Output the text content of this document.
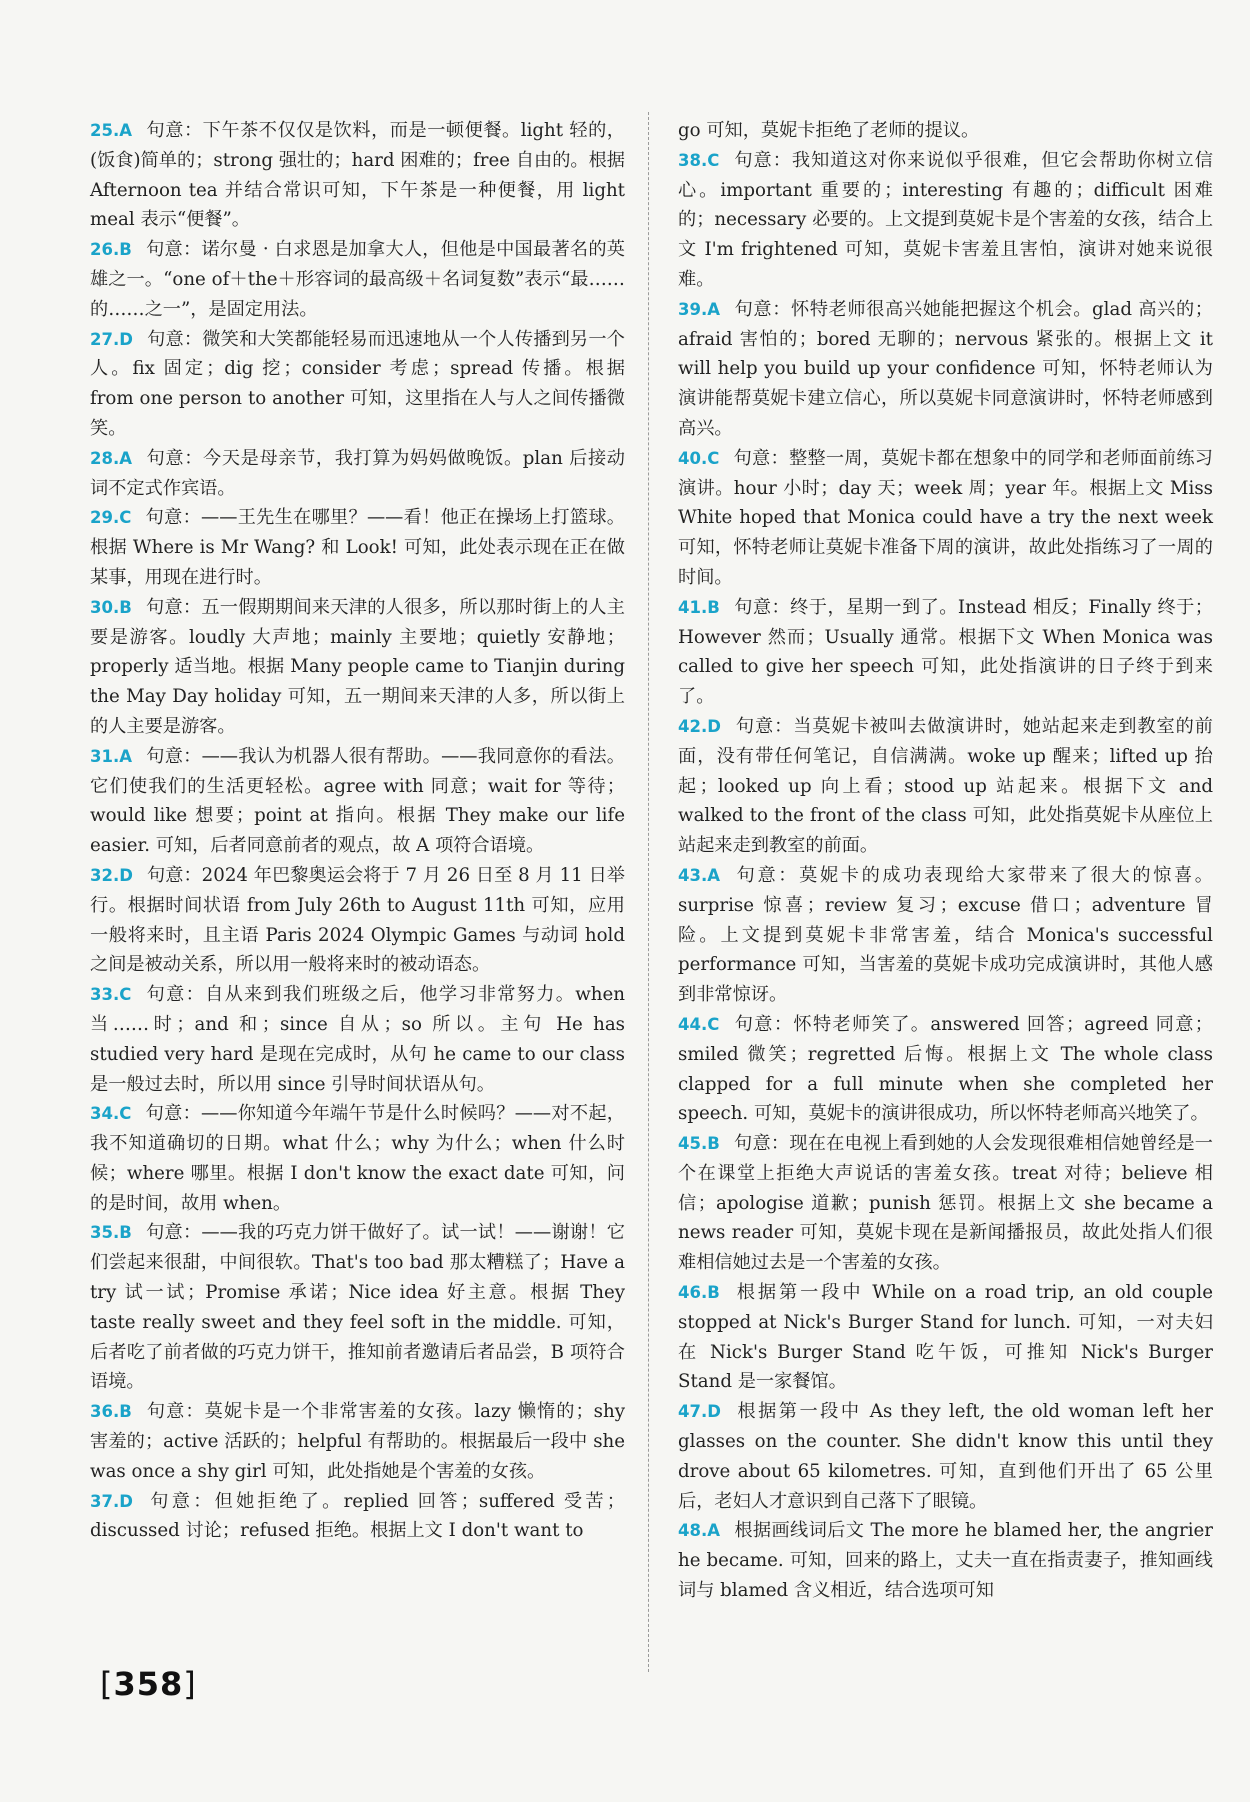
25.A 句意：下午茶不仅仅是饮料，而是一顿便餐。light 轻的，(饭食)简单的；strong 强壮的；hard 困难的；free 自由的。根据 Afternoon tea 并结合常识可知，下午茶是一种便餐，用 light meal 表示“便餐”。

26.B 句意：诺尔曼 · 白求恩是加拿大人，但他是中国最著名的英雄之一。“one of＋the＋形容词的最高级＋名词复数”表示“最……的……之一”，是固定用法。

27.D 句意：微笑和大笑都能轻易而迅速地从一个人传播到另一个人。fix 固定；dig 挖；consider 考虑；spread 传播。根据 from one person to another 可知，这里指在人与人之间传播微笑。

28.A 句意：今天是母亲节，我打算为妈妈做晚饭。plan 后接动词不定式作宾语。

29.C 句意：——王先生在哪里？——看！他正在操场上打篮球。根据 Where is Mr Wang? 和 Look! 可知，此处表示现在正在做某事，用现在进行时。

30.B 句意：五一假期期间来天津的人很多，所以那时街上的人主要是游客。loudly 大声地；mainly 主要地；quietly 安静地；properly 适当地。根据 Many people came to Tianjin during the May Day holiday 可知，五一期间来天津的人多，所以街上的人主要是游客。

31.A 句意：——我认为机器人很有帮助。——我同意你的看法。它们使我们的生活更轻松。agree with 同意；wait for 等待；would like 想要；point at 指向。根据 They make our life easier. 可知，后者同意前者的观点，故 A 项符合语境。

32.D 句意：2024 年巴黎奥运会将于 7 月 26 日至 8 月 11 日举行。根据时间状语 from July 26th to August 11th 可知，应用一般将来时，且主语 Paris 2024 Olympic Games 与动词 hold 之间是被动关系，所以用一般将来时的被动语态。

33.C 句意：自从来到我们班级之后，他学习非常努力。when 当……时；and 和；since 自从；so 所以。主句 He has studied very hard 是现在完成时，从句 he came to our class 是一般过去时，所以用 since 引导时间状语从句。

34.C 句意：——你知道今年端午节是什么时候吗？——对不起，我不知道确切的日期。what 什么；why 为什么；when 什么时候；where 哪里。根据 I don't know the exact date 可知，问的是时间，故用 when。

35.B 句意：——我的巧克力饼干做好了。试一试！——谢谢！它们尝起来很甜，中间很软。That's too bad 那太糟糕了；Have a try 试一试；Promise 承诺；Nice idea 好主意。根据 They taste really sweet and they feel soft in the middle. 可知，后者吃了前者做的巧克力饼干，推知前者邀请后者品尝，B 项符合语境。

36.B 句意：莫妮卡是一个非常害羞的女孩。lazy 懒惰的；shy 害羞的；active 活跃的；helpful 有帮助的。根据最后一段中 she was once a shy girl 可知，此处指她是个害羞的女孩。

37.D 句意：但她拒绝了。replied 回答；suffered 受苦；discussed 讨论；refused 拒绝。根据上文 I don't want to

go 可知，莫妮卡拒绝了老师的提议。

38.C 句意：我知道这对你来说似乎很难，但它会帮助你树立信心。important 重要的；interesting 有趣的；difficult 困难的；necessary 必要的。上文提到莫妮卡是个害羞的女孩，结合上文 I'm frightened 可知，莫妮卡害羞且害怕，演讲对她来说很难。

39.A 句意：怀特老师很高兴她能把握这个机会。glad 高兴的；afraid 害怕的；bored 无聊的；nervous 紧张的。根据上文 it will help you build up your confidence 可知，怀特老师认为演讲能帮莫妮卡建立信心，所以莫妮卡同意演讲时，怀特老师感到高兴。

40.C 句意：整整一周，莫妮卡都在想象中的同学和老师面前练习演讲。hour 小时；day 天；week 周；year 年。根据上文 Miss White hoped that Monica could have a try the next week 可知，怀特老师让莫妮卡准备下周的演讲，故此处指练习了一周的时间。

41.B 句意：终于，星期一到了。Instead 相反；Finally 终于；However 然而；Usually 通常。根据下文 When Monica was called to give her speech 可知，此处指演讲的日子终于到来了。

42.D 句意：当莫妮卡被叫去做演讲时，她站起来走到教室的前面，没有带任何笔记，自信满满。woke up 醒来；lifted up 抬起；looked up 向上看；stood up 站起来。根据下文 and walked to the front of the class 可知，此处指莫妮卡从座位上站起来走到教室的前面。

43.A 句意：莫妮卡的成功表现给大家带来了很大的惊喜。surprise 惊喜；review 复习；excuse 借口；adventure 冒险。上文提到莫妮卡非常害羞，结合 Monica's successful performance 可知，当害羞的莫妮卡成功完成演讲时，其他人感到非常惊讶。

44.C 句意：怀特老师笑了。answered 回答；agreed 同意；smiled 微笑；regretted 后悔。根据上文 The whole class clapped for a full minute when she completed her speech. 可知，莫妮卡的演讲很成功，所以怀特老师高兴地笑了。

45.B 句意：现在在电视上看到她的人会发现很难相信她曾经是一个在课堂上拒绝大声说话的害羞女孩。treat 对待；believe 相信；apologise 道歉；punish 惩罚。根据上文 she became a news reader 可知，莫妮卡现在是新闻播报员，故此处指人们很难相信她过去是一个害羞的女孩。

46.B 根据第一段中 While on a road trip, an old couple stopped at Nick's Burger Stand for lunch. 可知，一对夫妇在 Nick's Burger Stand 吃午饭，可推知 Nick's Burger Stand 是一家餐馆。

47.D 根据第一段中 As they left, the old woman left her glasses on the counter. She didn't know this until they drove about 65 kilometres. 可知，直到他们开出了 65 公里后，老妇人才意识到自己落下了眼镜。

48.A 根据画线词后文 The more he blamed her, the angrier he became. 可知，回来的路上，丈夫一直在指责妻子，推知画线词与 blamed 含义相近，结合选项可知

[358]
